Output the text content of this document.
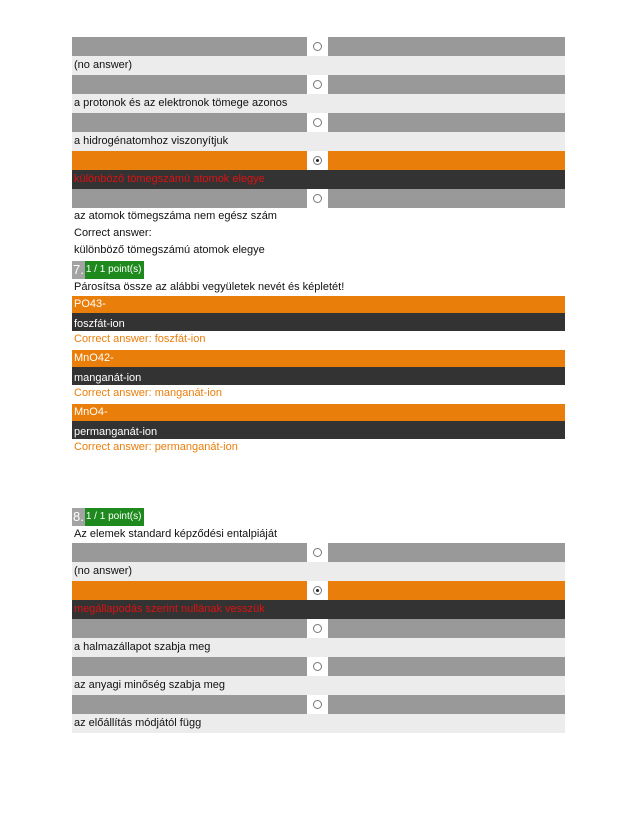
(no answer)
a protonok és az elektronok tömege azonos
a hidrogénatomhoz viszonyítjuk
különböző tömegszámú atomok elegye
az atomok tömegszáma nem egész szám
Correct answer:
különböző tömegszámú atomok elegye
7. 1 / 1 point(s)
Párosítsa össze az alábbi vegyületek nevét és képletét!
PO43-
foszfát-ion
Correct answer: foszfát-ion
MnO42-
manganát-ion
Correct answer: manganát-ion
MnO4-
permanganát-ion
Correct answer: permanganát-ion
8. 1 / 1 point(s)
Az elemek standard képződési entalpiáját
(no answer)
megállapodás szerint nullának vesszük
a halmazállapot szabja meg
az anyagi minőség szabja meg
az előállítás módjától függ
